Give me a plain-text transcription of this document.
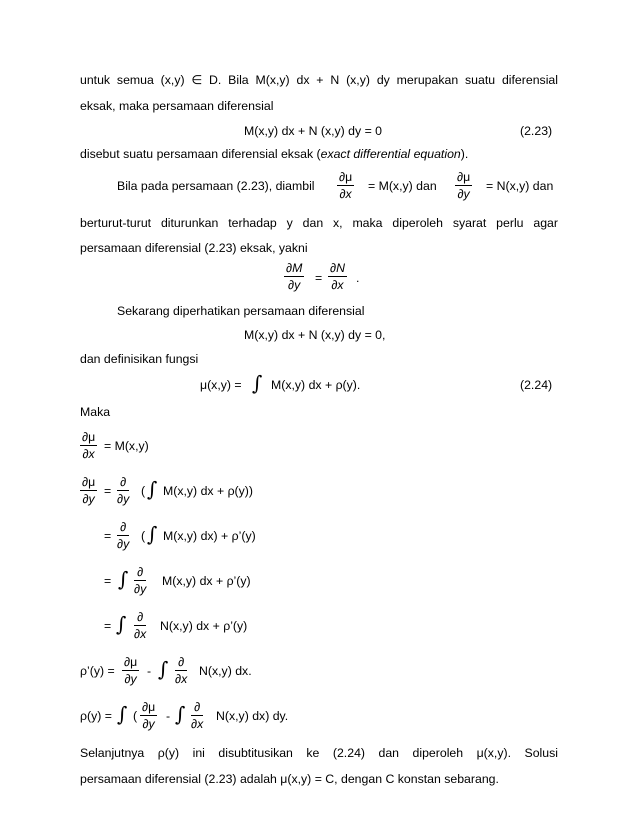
untuk semua (x,y) ∈ D. Bila M(x,y) dx + N (x,y) dy merupakan suatu diferensial
eksak, maka persamaan diferensial
M(x,y) dx + N (x,y) dy = 0	(2.23)
disebut suatu persamaan diferensial eksak (exact differential equation).
Bila pada persamaan (2.23), diambil $\frac{\partial\mu}{\partial x} = M(x,y)$ dan $\frac{\partial\mu}{\partial y} = N(x,y)$ dan
berturut-turut diturunkan terhadap y dan x, maka diperoleh syarat perlu agar
persamaan diferensial (2.23) eksak, yakni
$\frac{\partial M}{\partial y} = \frac{\partial N}{\partial x}$ .
Sekarang diperhatikan persamaan diferensial
M(x,y) dx + N (x,y) dy = 0,
dan definisikan fungsi
μ(x,y) = ∫ M(x,y) dx + ρ(y).	(2.24)
Maka
$\frac{\partial\mu}{\partial x} = M(x,y)$
$\frac{\partial\mu}{\partial y}$ =
∂
∂y
( ∫ M(x,y) dx + ρ(y))
=
∂
∂y
( ∫ M(x,y) dx) + ρ’(y)
= ∫ ∂
∂y
M(x,y) dx + ρ’(y)
= ∫ ∂
∂x
N(x,y) dx + ρ’(y)
ρ’(y) = $\frac{\partial\mu}{\partial y}$ - ∫ ∂
∂x
N(x,y) dx.
ρ(y) = ∫ ( $\frac{\partial\mu}{\partial y}$ - ∫ ∂
∂x
N(x,y) dx) dy.
Selanjutnya ρ(y) ini disubtitusikan ke (2.24) dan diperoleh μ(x,y). Solusi
persamaan diferensial (2.23) adalah μ(x,y) = C, dengan C konstan sebarang.
